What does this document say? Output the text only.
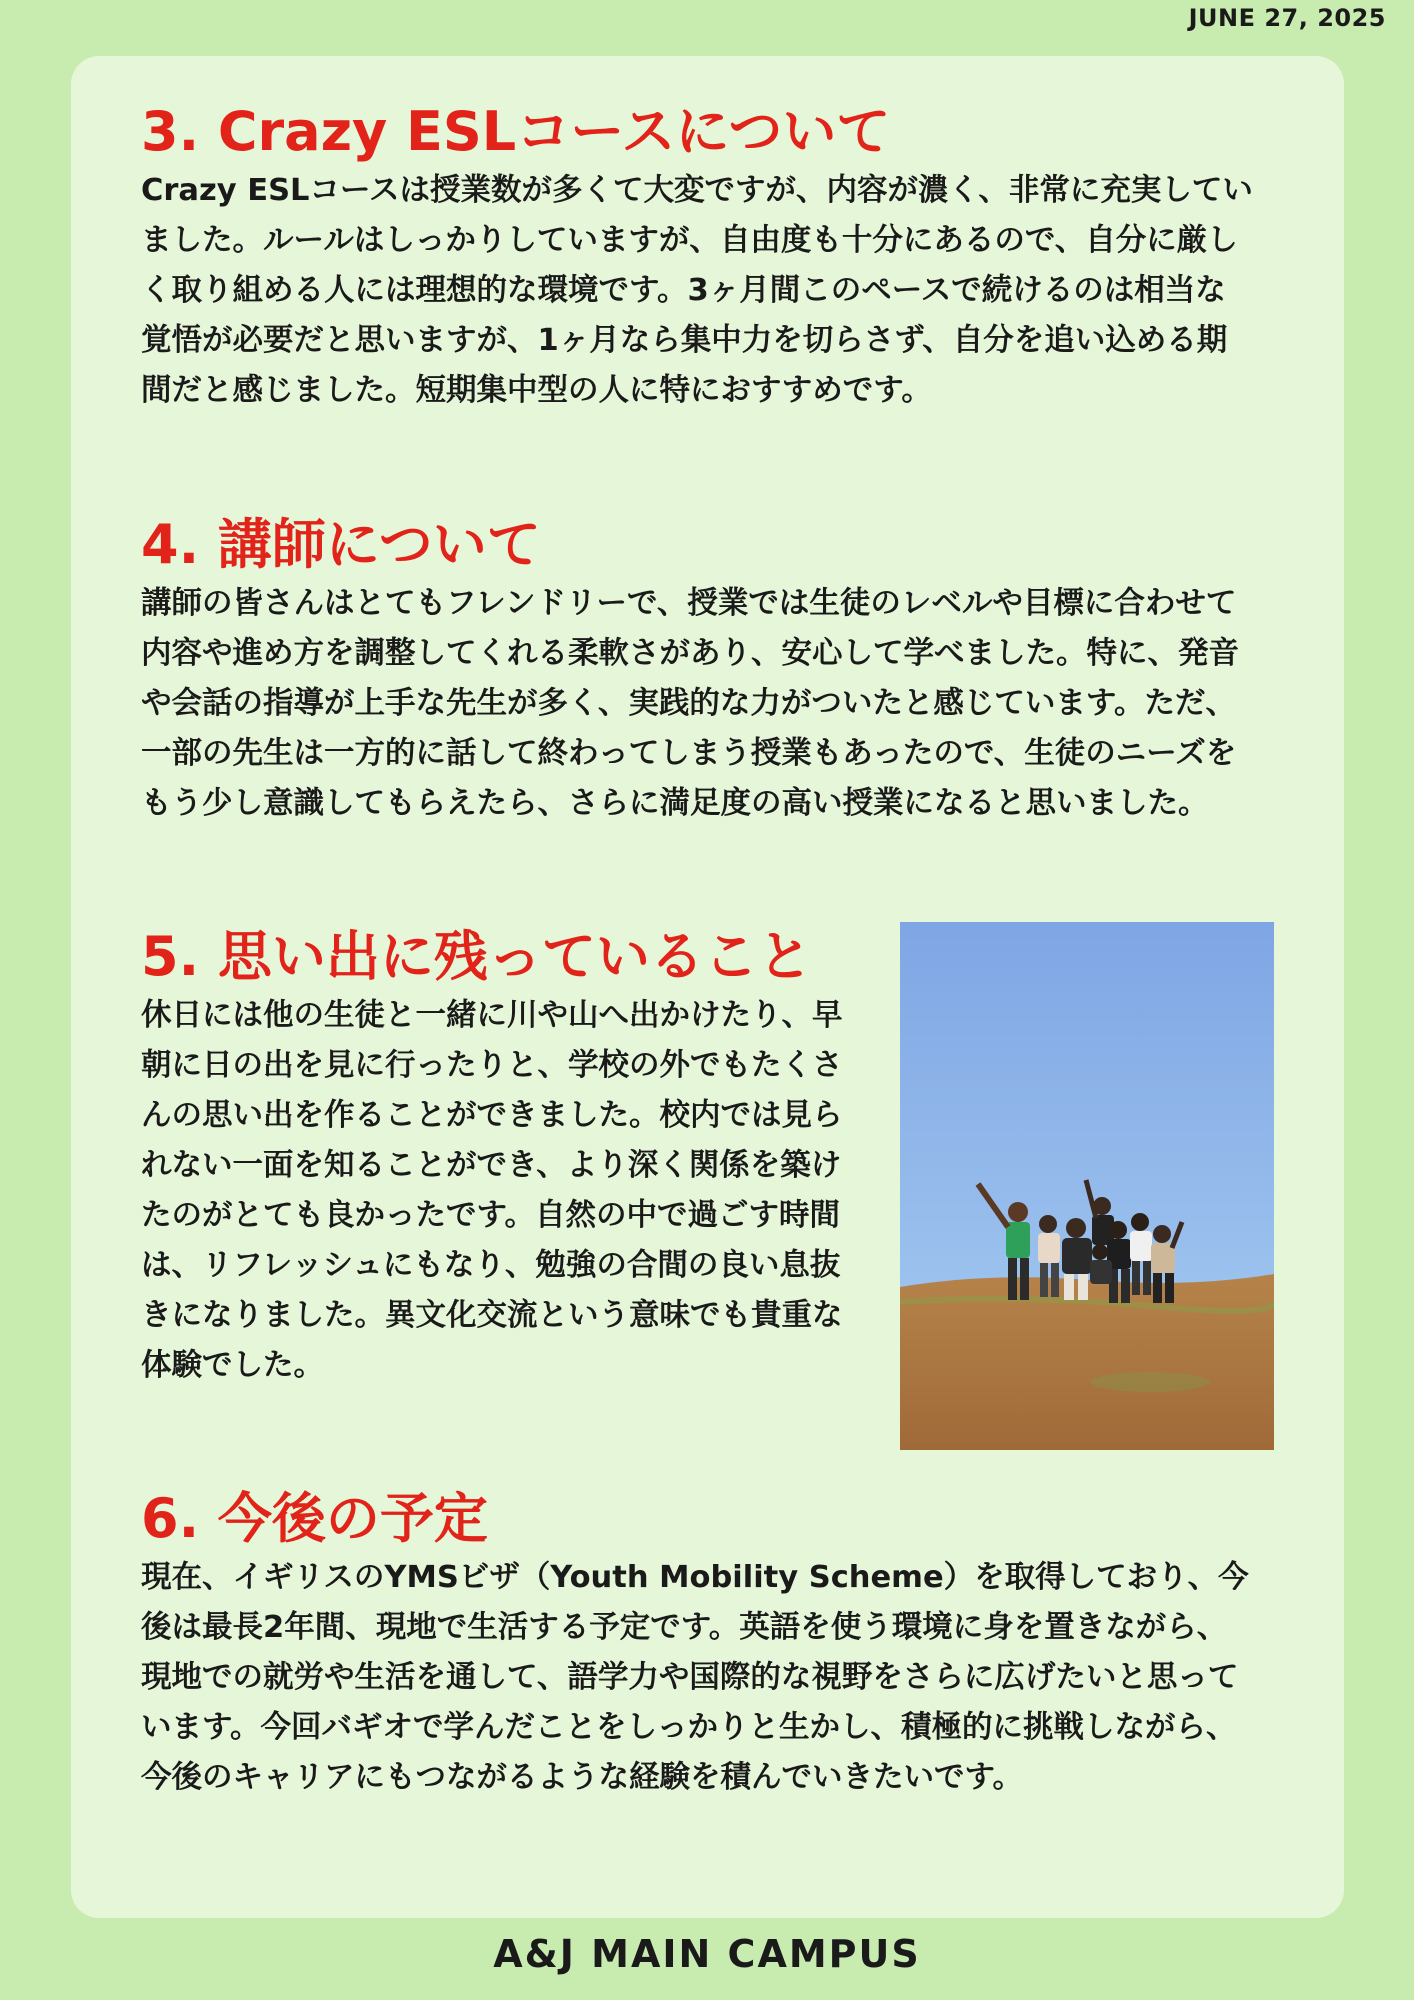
JUNE 27, 2025
3. Crazy ESLコースについて

Crazy ESLコースは授業数が多くて大変ですが、内容が濃く、非常に充実していました。ルールはしっかりしていますが、自由度も十分にあるので、自分に厳しく取り組める人には理想的な環境です。3ヶ月間このペースで続けるのは相当な覚悟が必要だと思いますが、1ヶ月なら集中力を切らさず、自分を追い込める期間だと感じました。短期集中型の人に特におすすめです。

4. 講師について

講師の皆さんはとてもフレンドリーで、授業では生徒のレベルや目標に合わせて内容や進め方を調整してくれる柔軟さがあり、安心して学べました。特に、発音や会話の指導が上手な先生が多く、実践的な力がついたと感じています。ただ、一部の先生は一方的に話して終わってしまう授業もあったので、生徒のニーズをもう少し意識してもらえたら、さらに満足度の高い授業になると思いました。

5. 思い出に残っていること

休日には他の生徒と一緒に川や山へ出かけたり、早朝に日の出を見に行ったりと、学校の外でもたくさんの思い出を作ることができました。校内では見られない一面を知ることができ、より深く関係を築けたのがとても良かったです。自然の中で過ごす時間は、リフレッシュにもなり、勉強の合間の良い息抜きになりました。異文化交流という意味でも貴重な体験でした。

6. 今後の予定

現在、イギリスのYMSビザ（Youth Mobility Scheme）を取得しており、今後は最長2年間、現地で生活する予定です。英語を使う環境に身を置きながら、現地での就労や生活を通して、語学力や国際的な視野をさらに広げたいと思っています。今回バギオで学んだことをしっかりと生かし、積極的に挑戦しながら、今後のキャリアにもつながるような経験を積んでいきたいです。

A&J MAIN CAMPUS
